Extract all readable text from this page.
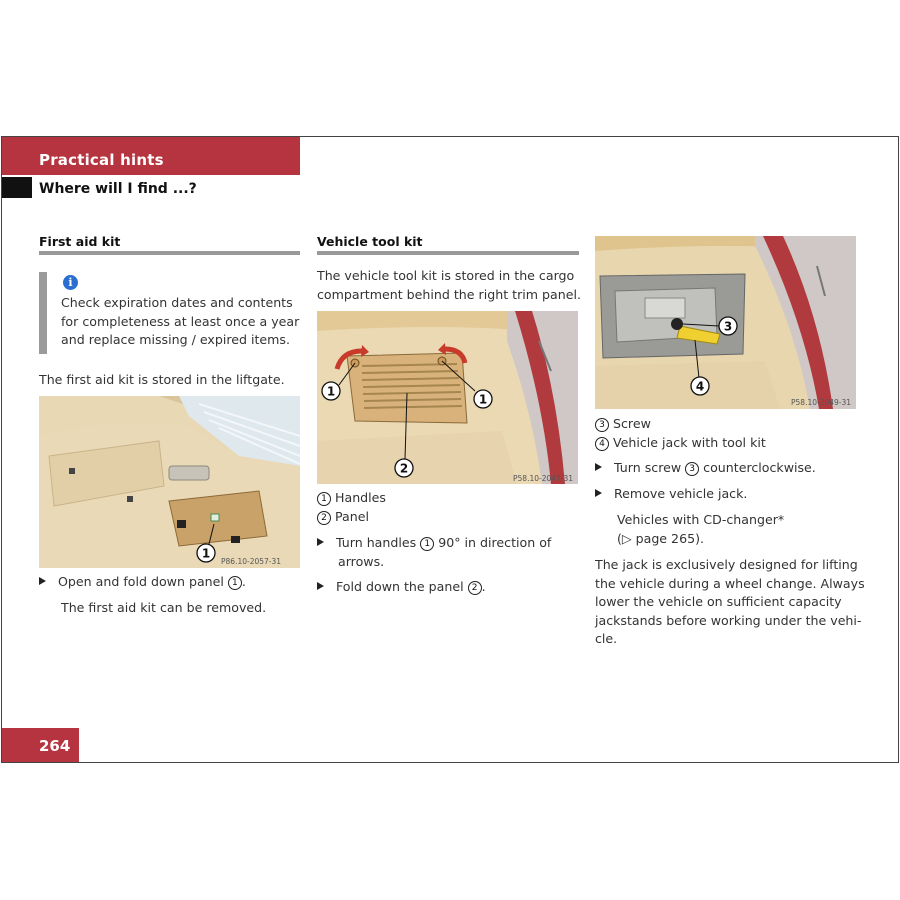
Practical hints
Where will I find ...?
First aid kit
i
Check expiration dates and contents
for completeness at least once a year
and replace missing / expired items.
The first aid kit is stored in the liftgate.
1
P86.10-2057-31
Open and fold down panel 1 .
The first aid kit can be removed.
Vehicle tool kit
The vehicle tool kit is stored in the cargo
compartment behind the right trim panel.
1
1
2
P58.10-2047-31
1 Handles
2 Panel
Turn handles 1 90° in direction of
arrows.
Fold down the panel 2 .
3
4
P58.10-2049-31
3 Screw
4 Vehicle jack with tool kit
Turn screw 3 counterclockwise.
Remove vehicle jack.
Vehicles with CD-changer*
(▷ page 265).
The jack is exclusively designed for lifting
the vehicle during a wheel change. Always
lower the vehicle on sufficient capacity
jackstands before working under the vehi-
cle.
264
